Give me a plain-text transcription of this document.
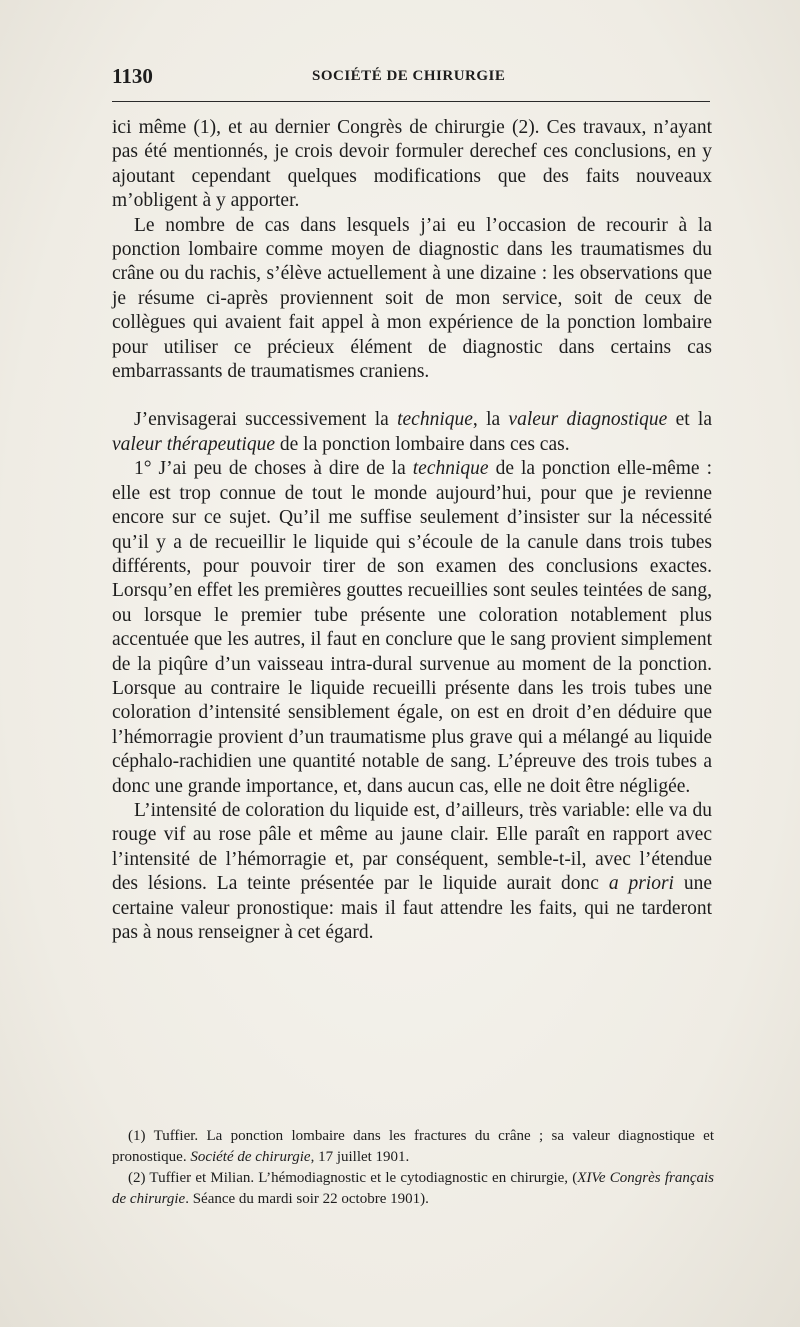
1130	SOCIÉTÉ DE CHIRURGIE

ici même (1), et au dernier Congrès de chirurgie (2). Ces travaux, n’ayant pas été mentionnés, je crois devoir formuler derechef ces conclusions, en y ajoutant cependant quelques modifications que des faits nouveaux m’obligent à y apporter.

Le nombre de cas dans lesquels j’ai eu l’occasion de recourir à la ponction lombaire comme moyen de diagnostic dans les traumatismes du crâne ou du rachis, s’élève actuellement à une dizaine : les observations que je résume ci-après proviennent soit de mon service, soit de ceux de collègues qui avaient fait appel à mon expérience de la ponction lombaire pour utiliser ce précieux élément de diagnostic dans certains cas embarrassants de traumatismes craniens.

J’envisagerai successivement la technique, la valeur diagnostique et la valeur thérapeutique de la ponction lombaire dans ces cas.

1° J’ai peu de choses à dire de la technique de la ponction elle-même : elle est trop connue de tout le monde aujourd’hui, pour que je revienne encore sur ce sujet. Qu’il me suffise seulement d’insister sur la nécessité qu’il y a de recueillir le liquide qui s’écoule de la canule dans trois tubes différents, pour pouvoir tirer de son examen des conclusions exactes. Lorsqu’en effet les premières gouttes recueillies sont seules teintées de sang, ou lorsque le premier tube présente une coloration notablement plus accentuée que les autres, il faut en conclure que le sang provient simplement de la piqûre d’un vaisseau intra-dural survenue au moment de la ponction. Lorsque au contraire le liquide recueilli présente dans les trois tubes une coloration d’intensité sensiblement égale, on est en droit d’en déduire que l’hémorragie provient d’un traumatisme plus grave qui a mélangé au liquide céphalo-rachidien une quantité notable de sang. L’épreuve des trois tubes a donc une grande importance, et, dans aucun cas, elle ne doit être négligée.

L’intensité de coloration du liquide est, d’ailleurs, très variable: elle va du rouge vif au rose pâle et même au jaune clair. Elle paraît en rapport avec l’intensité de l’hémorragie et, par conséquent, semble-t-il, avec l’étendue des lésions. La teinte présentée par le liquide aurait donc a priori une certaine valeur pronostique: mais il faut attendre les faits, qui ne tarderont pas à nous renseigner à cet égard.

(1) Tuffier. La ponction lombaire dans les fractures du crâne ; sa valeur diagnostique et pronostique. Société de chirurgie, 17 juillet 1901.

(2) Tuffier et Milian. L’hémodiagnostic et le cytodiagnostic en chirurgie, (XIVe Congrès français de chirurgie. Séance du mardi soir 22 octobre 1901).
